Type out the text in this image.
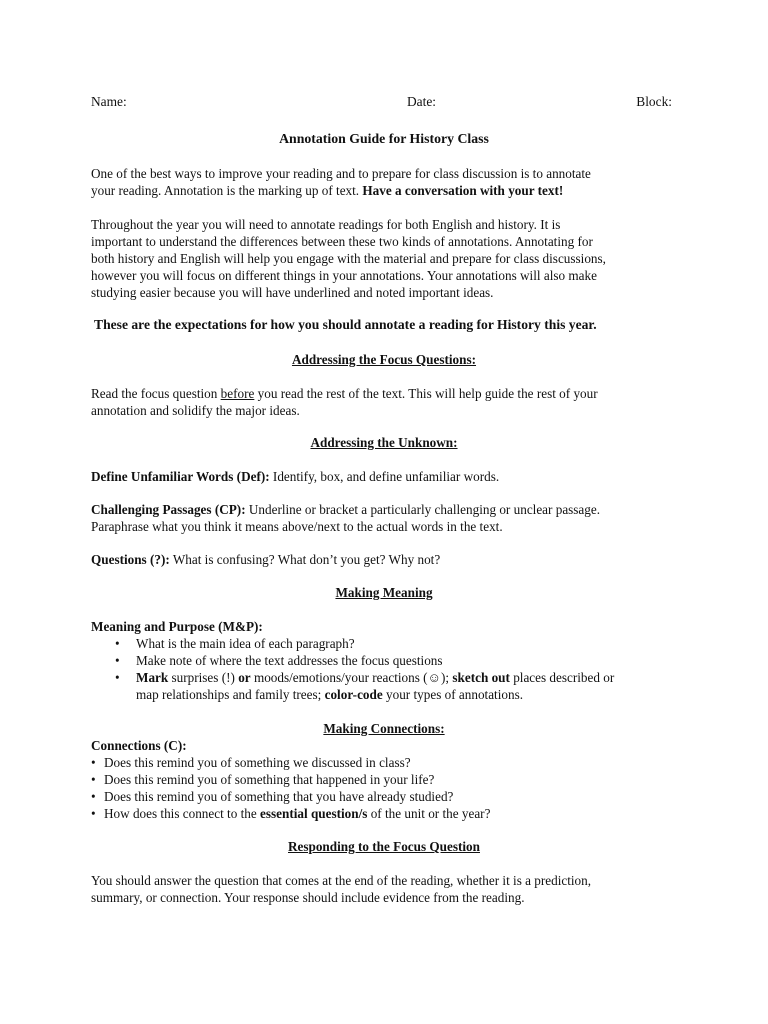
Name:	Date:	Block:
Annotation Guide for History Class
One of the best ways to improve your reading and to prepare for class discussion is to annotate
your reading. Annotation is the marking up of text. Have a conversation with your text!
Throughout the year you will need to annotate readings for both English and history. It is
important to understand the differences between these two kinds of annotations. Annotating for
both history and English will help you engage with the material and prepare for class discussions,
however you will focus on different things in your annotations. Your annotations will also make
studying easier because you will have underlined and noted important ideas.
These are the expectations for how you should annotate a reading for History this year.
Addressing the Focus Questions:
Read the focus question before you read the rest of the text. This will help guide the rest of your
annotation and solidify the major ideas.
Addressing the Unknown:
Define Unfamiliar Words (Def): Identify, box, and define unfamiliar words.
Challenging Passages (CP): Underline or bracket a particularly challenging or unclear passage.
Paraphrase what you think it means above/next to the actual words in the text.
Questions (?): What is confusing? What don’t you get? Why not?
Making Meaning
Meaning and Purpose (M&P):
• What is the main idea of each paragraph?
• Make note of where the text addresses the focus questions
• Mark surprises (!) or moods/emotions/your reactions (☺); sketch out places described or
map relationships and family trees; color-code your types of annotations.
Making Connections:
Connections (C):
• Does this remind you of something we discussed in class?
• Does this remind you of something that happened in your life?
• Does this remind you of something that you have already studied?
• How does this connect to the essential question/s of the unit or the year?
Responding to the Focus Question
You should answer the question that comes at the end of the reading, whether it is a prediction,
summary, or connection. Your response should include evidence from the reading.
